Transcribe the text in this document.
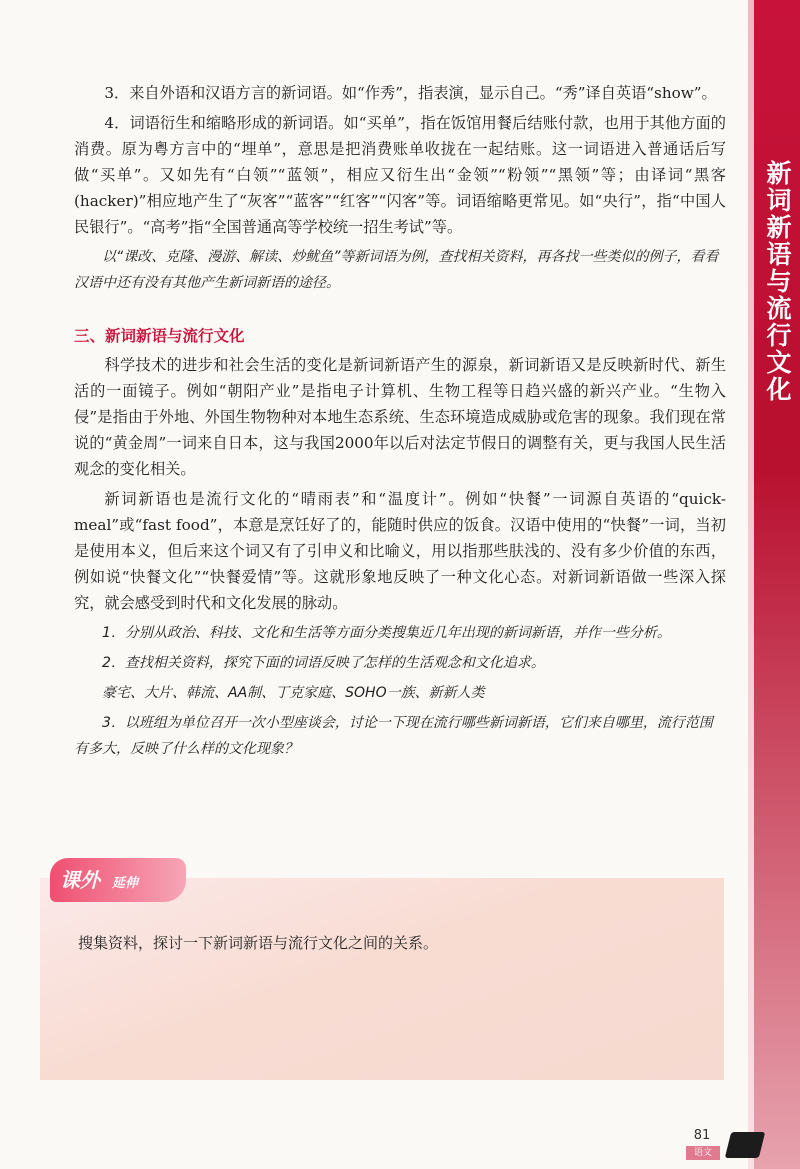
新词新语与流行文化

3．来自外语和汉语方言的新词语。如“作秀”，指表演，显示自己。“秀”译自英语“show”。

4．词语衍生和缩略形成的新词语。如“买单”，指在饭馆用餐后结账付款，也用于其他方面的消费。原为粤方言中的“埋单”，意思是把消费账单收拢在一起结账。这一词语进入普通话后写做“买单”。又如先有“白领”“蓝领”，相应又衍生出“金领”“粉领”“黑领”等；由译词“黑客(hacker)”相应地产生了“灰客”“蓝客”“红客”“闪客”等。词语缩略更常见。如“央行”，指“中国人民银行”。“高考”指“全国普通高等学校统一招生考试”等。

以“课改、克隆、漫游、解读、炒鱿鱼”等新词语为例，查找相关资料，再各找一些类似的例子，看看汉语中还有没有其他产生新词新语的途径。

三、新词新语与流行文化

科学技术的进步和社会生活的变化是新词新语产生的源泉，新词新语又是反映新时代、新生活的一面镜子。例如“朝阳产业”是指电子计算机、生物工程等日趋兴盛的新兴产业。“生物入侵”是指由于外地、外国生物物种对本地生态系统、生态环境造成威胁或危害的现象。我们现在常说的“黄金周”一词来自日本，这与我国2000年以后对法定节假日的调整有关，更与我国人民生活观念的变化相关。

新词新语也是流行文化的“晴雨表”和“温度计”。例如“快餐”一词源自英语的“quick-meal”或“fast food”，本意是烹饪好了的，能随时供应的饭食。汉语中使用的“快餐”一词，当初是使用本义，但后来这个词又有了引申义和比喻义，用以指那些肤浅的、没有多少价值的东西，例如说“快餐文化”“快餐爱情”等。这就形象地反映了一种文化心态。对新词新语做一些深入探究，就会感受到时代和文化发展的脉动。

1．分别从政治、科技、文化和生活等方面分类搜集近几年出现的新词新语，并作一些分析。

2．查找相关资料，探究下面的词语反映了怎样的生活观念和文化追求。

豪宅、大片、韩流、AA制、丁克家庭、SOHO一族、新新人类

3．以班组为单位召开一次小型座谈会，讨论一下现在流行哪些新词新语，它们来自哪里，流行范围有多大，反映了什么样的文化现象？

课外 延伸
搜集资料，探讨一下新词新语与流行文化之间的关系。
81
语文
